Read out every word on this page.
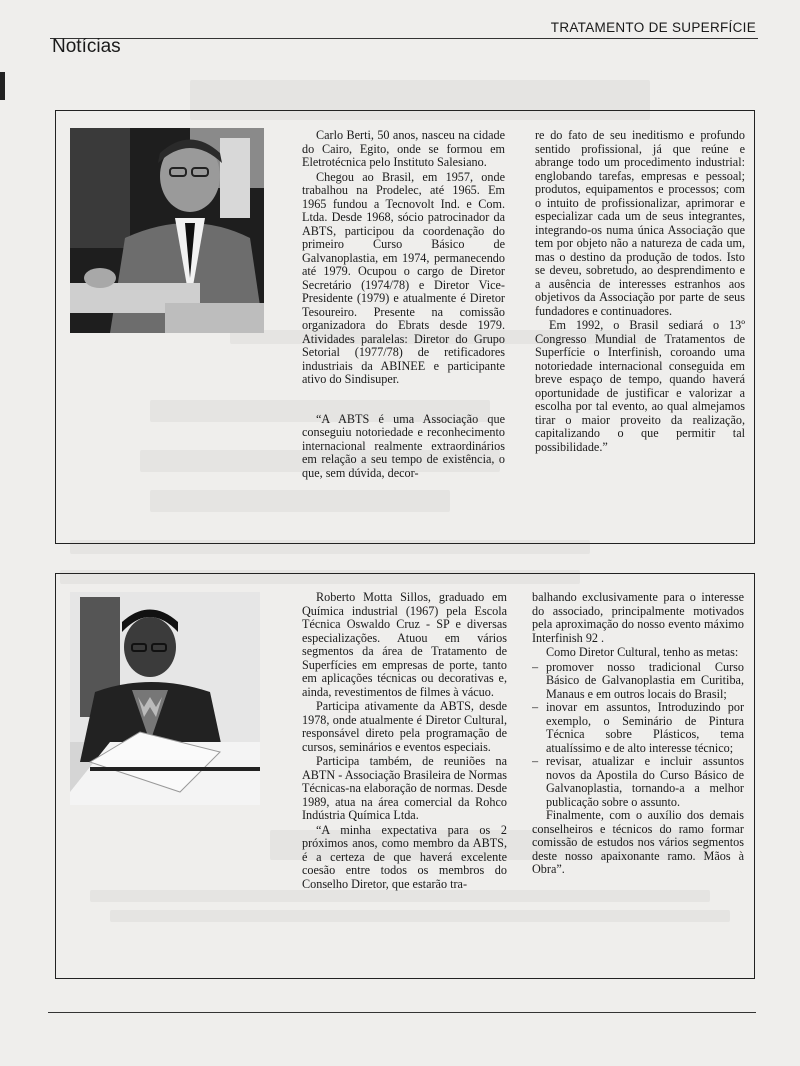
TRATAMENTO DE SUPERFÍCIE
Notícias

Carlo Berti, 50 anos, nasceu na cidade do Cairo, Egito, onde se formou em Eletrotécnica pelo Instituto Salesiano.

Chegou ao Brasil, em 1957, onde trabalhou na Prodelec, até 1965. Em 1965 fundou a Tecnovolt Ind. e Com. Ltda. Desde 1968, sócio patrocinador da ABTS, participou da coordenação do primeiro Curso Básico de Galvanoplastia, em 1974, permanecendo até 1979. Ocupou o cargo de Diretor Secretário (1974/78) e Diretor Vice-Presidente (1979) e atualmente é Diretor Tesoureiro. Presente na comissão organizadora do Ebrats desde 1979. Atividades paralelas: Diretor do Grupo Setorial (1977/78) de retificadores industriais da ABINEE e participante ativo do Sindisuper.

“A ABTS é uma Associação que conseguiu notoriedade e reconhecimento internacional realmente extraordinários em relação a seu tempo de existência, o que, sem dúvida, decor-

re do fato de seu ineditismo e profundo sentido profissional, já que reúne e abrange todo um procedimento industrial: englobando tarefas, empresas e pessoal; produtos, equipamentos e processos; com o intuito de profissionalizar, aprimorar e especializar cada um de seus integrantes, integrando-os numa única Associação que tem por objeto não a natureza de cada um, mas o destino da produção de todos. Isto se deveu, sobretudo, ao desprendimento e a ausência de interesses estranhos aos objetivos da Associação por parte de seus fundadores e continuadores.

Em 1992, o Brasil sediará o 13º Congresso Mundial de Tratamentos de Superfície o Interfinish, coroando uma notoriedade internacional conseguida em breve espaço de tempo, quando haverá oportunidade de justificar e valorizar a escolha por tal evento, ao qual almejamos tirar o maior proveito da realização, capitalizando o que permitir tal possibilidade.”

Roberto Motta Sillos, graduado em Química industrial (1967) pela Escola Técnica Oswaldo Cruz - SP e diversas especializações. Atuou em vários segmentos da área de Tratamento de Superfícies em empresas de porte, tanto em aplicações técnicas ou decorativas e, ainda, revestimentos de filmes à vácuo.

Participa ativamente da ABTS, desde 1978, onde atualmente é Diretor Cultural, responsável direto pela programação de cursos, seminários e eventos especiais.

Participa também, de reuniões na ABTN - Associação Brasileira de Normas Técnicas-na elaboração de normas. Desde 1989, atua na área comercial da Rohco Indústria Química Ltda.

“A minha expectativa para os 2 próximos anos, como membro da ABTS, é a certeza de que haverá excelente coesão entre todos os membros do Conselho Diretor, que estarão tra-

balhando exclusivamente para o interesse do associado, principalmente motivados pela aproximação do nosso evento máximo Interfinish 92 .

Como Diretor Cultural, tenho as metas:

– promover nosso tradicional Curso Básico de Galvanoplastia em Curitiba, Manaus e em outros locais do Brasil;
– inovar em assuntos, Introduzindo por exemplo, o Seminário de Pintura Técnica sobre Plásticos, tema atualíssimo e de alto interesse técnico;
– revisar, atualizar e incluir assuntos novos da Apostila do Curso Básico de Galvanoplastia, tornando-a a melhor publicação sobre o assunto.

Finalmente, com o auxílio dos demais conselheiros e técnicos do ramo formar comissão de estudos nos vários segmentos deste nosso apaixonante ramo. Mãos à Obra”.
